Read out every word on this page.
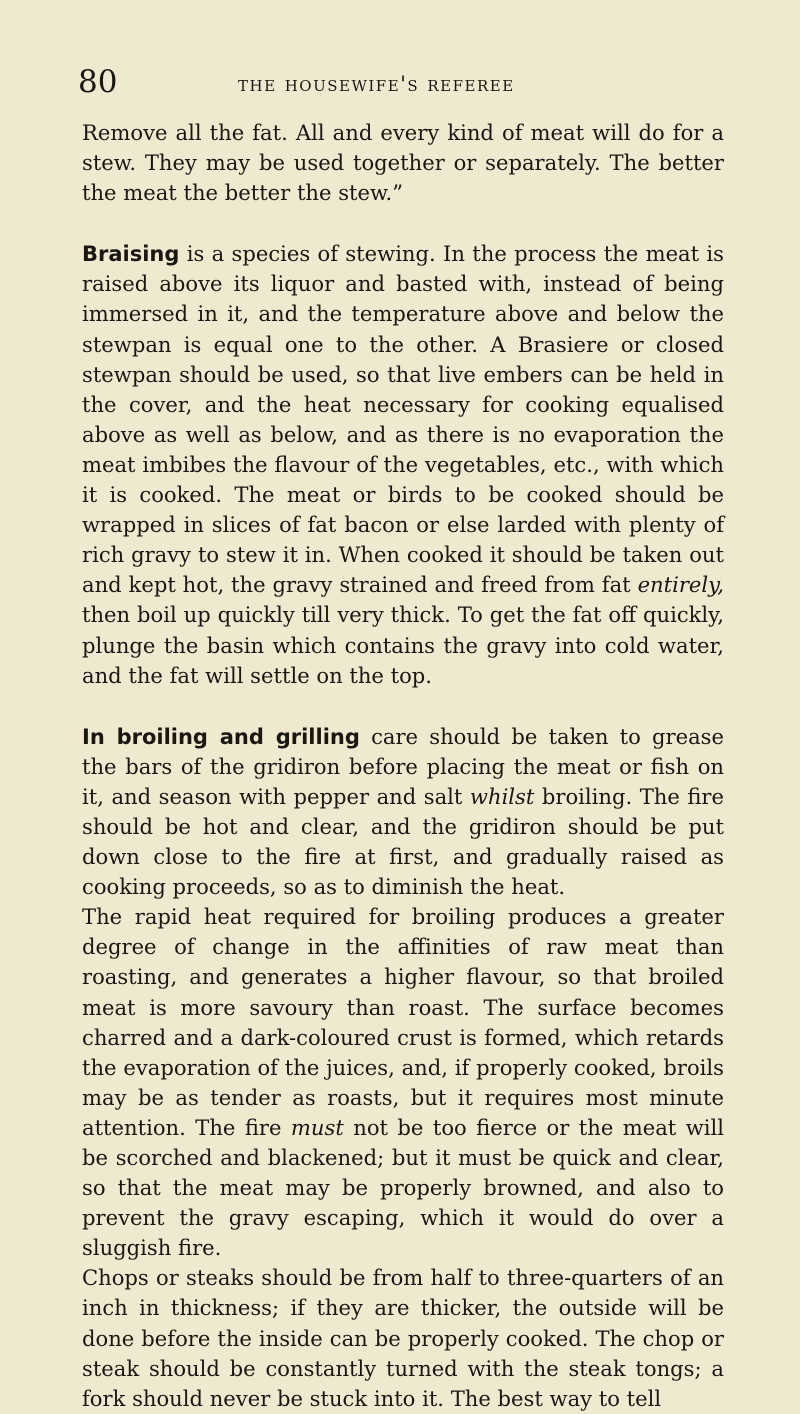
80	the housewife's referee

Remove all the fat. All and every kind of meat will do for a stew. They may be used together or separately. The better the meat the better the stew.”

Braising is a species of stewing. In the process the meat is raised above its liquor and basted with, instead of being immersed in it, and the temperature above and below the stewpan is equal one to the other. A Brasiere or closed stewpan should be used, so that live embers can be held in the cover, and the heat necessary for cooking equalised above as well as below, and as there is no evaporation the meat imbibes the flavour of the vegetables, etc., with which it is cooked. The meat or birds to be cooked should be wrapped in slices of fat bacon or else larded with plenty of rich gravy to stew it in. When cooked it should be taken out and kept hot, the gravy strained and freed from fat entirely, then boil up quickly till very thick. To get the fat off quickly, plunge the basin which contains the gravy into cold water, and the fat will settle on the top.

In broiling and grilling care should be taken to grease the bars of the gridiron before placing the meat or fish on it, and season with pepper and salt whilst broiling. The fire should be hot and clear, and the gridiron should be put down close to the fire at first, and gradually raised as cooking proceeds, so as to diminish the heat.

The rapid heat required for broiling produces a greater degree of change in the affinities of raw meat than roasting, and generates a higher flavour, so that broiled meat is more savoury than roast. The surface becomes charred and a dark-coloured crust is formed, which retards the evaporation of the juices, and, if properly cooked, broils may be as tender as roasts, but it requires most minute attention. The fire must not be too fierce or the meat will be scorched and blackened; but it must be quick and clear, so that the meat may be properly browned, and also to prevent the gravy escaping, which it would do over a sluggish fire.

Chops or steaks should be from half to three-quarters of an inch in thickness; if they are thicker, the outside will be done before the inside can be properly cooked. The chop or steak should be constantly turned with the steak tongs; a fork should never be stuck into it. The best way to tell
